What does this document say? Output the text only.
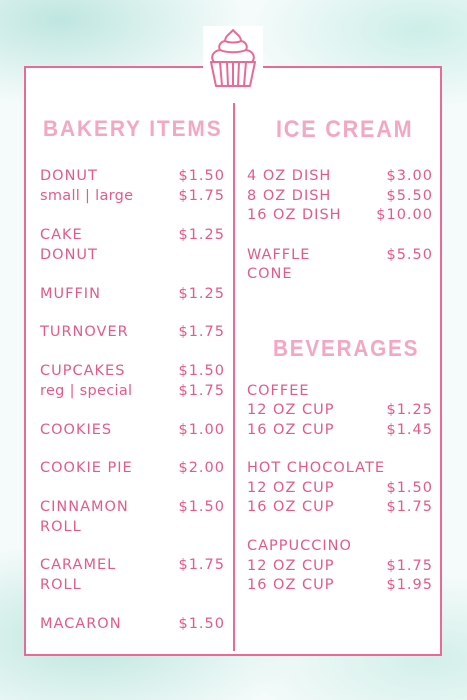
BAKERY ITEMS ICE CREAM
BEVERAGES
DONUT	$1.50
small | large	$1.75
CAKE	$1.25
DONUT
MUFFIN	$1.25
TURNOVER	$1.75
CUPCAKES	$1.50
reg | special	$1.75
COOKIES	$1.00
COOKIE PIE	$2.00
CINNAMON	$1.50
ROLL
CARAMEL	$1.75
ROLL
MACARON	$1.50
4 OZ DISH	$3.00
8 OZ DISH	$5.50
16 OZ DISH $10.00
WAFFLE	$5.50
CONE
COFFEE
12 OZ CUP	$1.25
16 OZ CUP	$1.45
HOT CHOCOLATE
12 OZ CUP	$1.50
16 OZ CUP	$1.75
CAPPUCCINO
12 OZ CUP	$1.75
16 OZ CUP	$1.95
